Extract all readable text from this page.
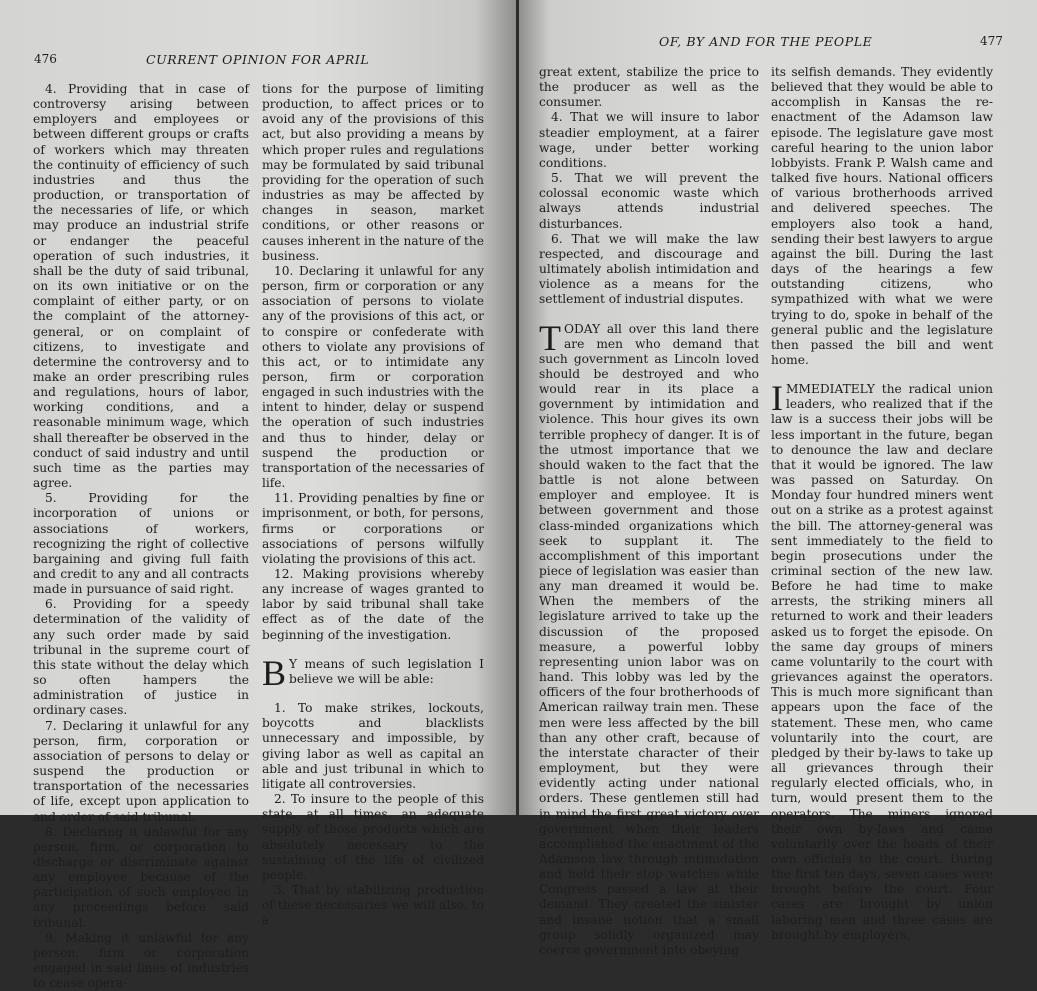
476	CURRENT OPINION FOR APRIL

4. Providing that in case of controversy arising between employers and employees or between different groups or crafts of workers which may threaten the continuity of efficiency of such industries and thus the production, or transportation of the necessaries of life, or which may produce an industrial strife or endanger the peaceful operation of such industries, it shall be the duty of said tribunal, on its own initiative or on the complaint of either party, or on the complaint of the attorney-general, or on complaint of citizens, to investigate and determine the controversy and to make an order prescribing rules and regulations, hours of labor, working conditions, and a reasonable minimum wage, which shall thereafter be observed in the conduct of said industry and until such time as the parties may agree.

5. Providing for the incorporation of unions or associations of workers, recognizing the right of collective bargaining and giving full faith and credit to any and all contracts made in pursuance of said right.

6. Providing for a speedy determination of the validity of any such order made by said tribunal in the supreme court of this state without the delay which so often hampers the administration of justice in ordinary cases.

7. Declaring it unlawful for any person, firm, corporation or association of persons to delay or suspend the production or transportation of the necessaries of life, except upon application to and order of said tribunal.

8. Declaring it unlawful for any person, firm, or corporation to discharge or discriminate against any employee because of the participation of such employee in any proceedings before said tribunal.

9. Making it unlawful for any person, firm or corporation engaged in said lines of industries to cease opera-

tions for the purpose of limiting production, to affect prices or to avoid any of the provisions of this act, but also providing a means by which proper rules and regulations may be formulated by said tribunal providing for the operation of such industries as may be affected by changes in season, market conditions, or other reasons or causes inherent in the nature of the business.

10. Declaring it unlawful for any person, firm or corporation or any association of persons to violate any of the provisions of this act, or to conspire or confederate with others to violate any provisions of this act, or to intimidate any person, firm or corporation engaged in such industries with the intent to hinder, delay or suspend the operation of such industries and thus to hinder, delay or suspend the production or transportation of the necessaries of life.

11. Providing penalties by fine or imprisonment, or both, for persons, firms or corporations or associations of persons wilfully violating the provisions of this act.

12. Making provisions whereby any increase of wages granted to labor by said tribunal shall take effect as of the date of the beginning of the investigation.

B Y means of such legislation I believe we will be able:

1. To make strikes, lockouts, boycotts and blacklists unnecessary and impossible, by giving labor as well as capital an able and just tribunal in which to litigate all controversies.

2. To insure to the people of this state, at all times, an adequate supply of those products which are absolutely necessary to the sustaining of the life of civilized people.

3. That by stabilizing production of these necessaries we will also, to a

OF, BY AND FOR THE PEOPLE	477

great extent, stabilize the price to the producer as well as the consumer.

4. That we will insure to labor steadier employment, at a fairer wage, under better working conditions.

5. That we will prevent the colossal economic waste which always attends industrial disturbances.

6. That we will make the law respected, and discourage and ultimately abolish intimidation and violence as a means for the settlement of industrial disputes.

TODAY all over this land there are men who demand that such government as Lincoln loved should be destroyed and who would rear in its place a government by intimidation and violence. This hour gives its own terrible prophecy of danger. It is of the utmost importance that we should waken to the fact that the battle is not alone between employer and employee. It is between government and those class-minded organizations which seek to supplant it. The accomplishment of this important piece of legislation was easier than any man dreamed it would be. When the members of the legislature arrived to take up the discussion of the proposed measure, a powerful lobby representing union labor was on hand. This lobby was led by the officers of the four brotherhoods of American railway train men. These men were less affected by the bill than any other craft, because of the interstate character of their employment, but they were evidently acting under national orders. These gentlemen still had in mind the first great victory over government when their leaders accomplished the enactment of the Adamson law through intimidation and held their stop watches while Congress passed a law at their demand. They created the sinister and insane notion that a small group solidly organized may coerce government into obeying

its selfish demands. They evidently believed that they would be able to accomplish in Kansas the re-enactment of the Adamson law episode. The legislature gave most careful hearing to the union labor lobbyists. Frank P. Walsh came and talked five hours. National officers of various brotherhoods arrived and delivered speeches. The employers also took a hand, sending their best lawyers to argue against the bill. During the last days of the hearings a few outstanding citizens, who sympathized with what we were trying to do, spoke in behalf of the general public and the legislature then passed the bill and went home.

IMMEDIATELY the radical union leaders, who realized that if the law is a success their jobs will be less important in the future, began to denounce the law and declare that it would be ignored. The law was passed on Saturday. On Monday four hundred miners went out on a strike as a protest against the bill. The attorney-general was sent immediately to the field to begin prosecutions under the criminal section of the new law. Before he had time to make arrests, the striking miners all returned to work and their leaders asked us to forget the episode. On the same day groups of miners came voluntarily to the court with grievances against the operators. This is much more significant than appears upon the face of the statement. These men, who came voluntarily into the court, are pledged by their by-laws to take up all grievances through their regularly elected officials, who, in turn, would present them to the operators. The miners ignored their own by-laws and came voluntarily over the heads of their own officials to the court. During the first ten days, seven cases were brought before the court. Four cases are brought by union laboring men and three cases are brought by employers,
